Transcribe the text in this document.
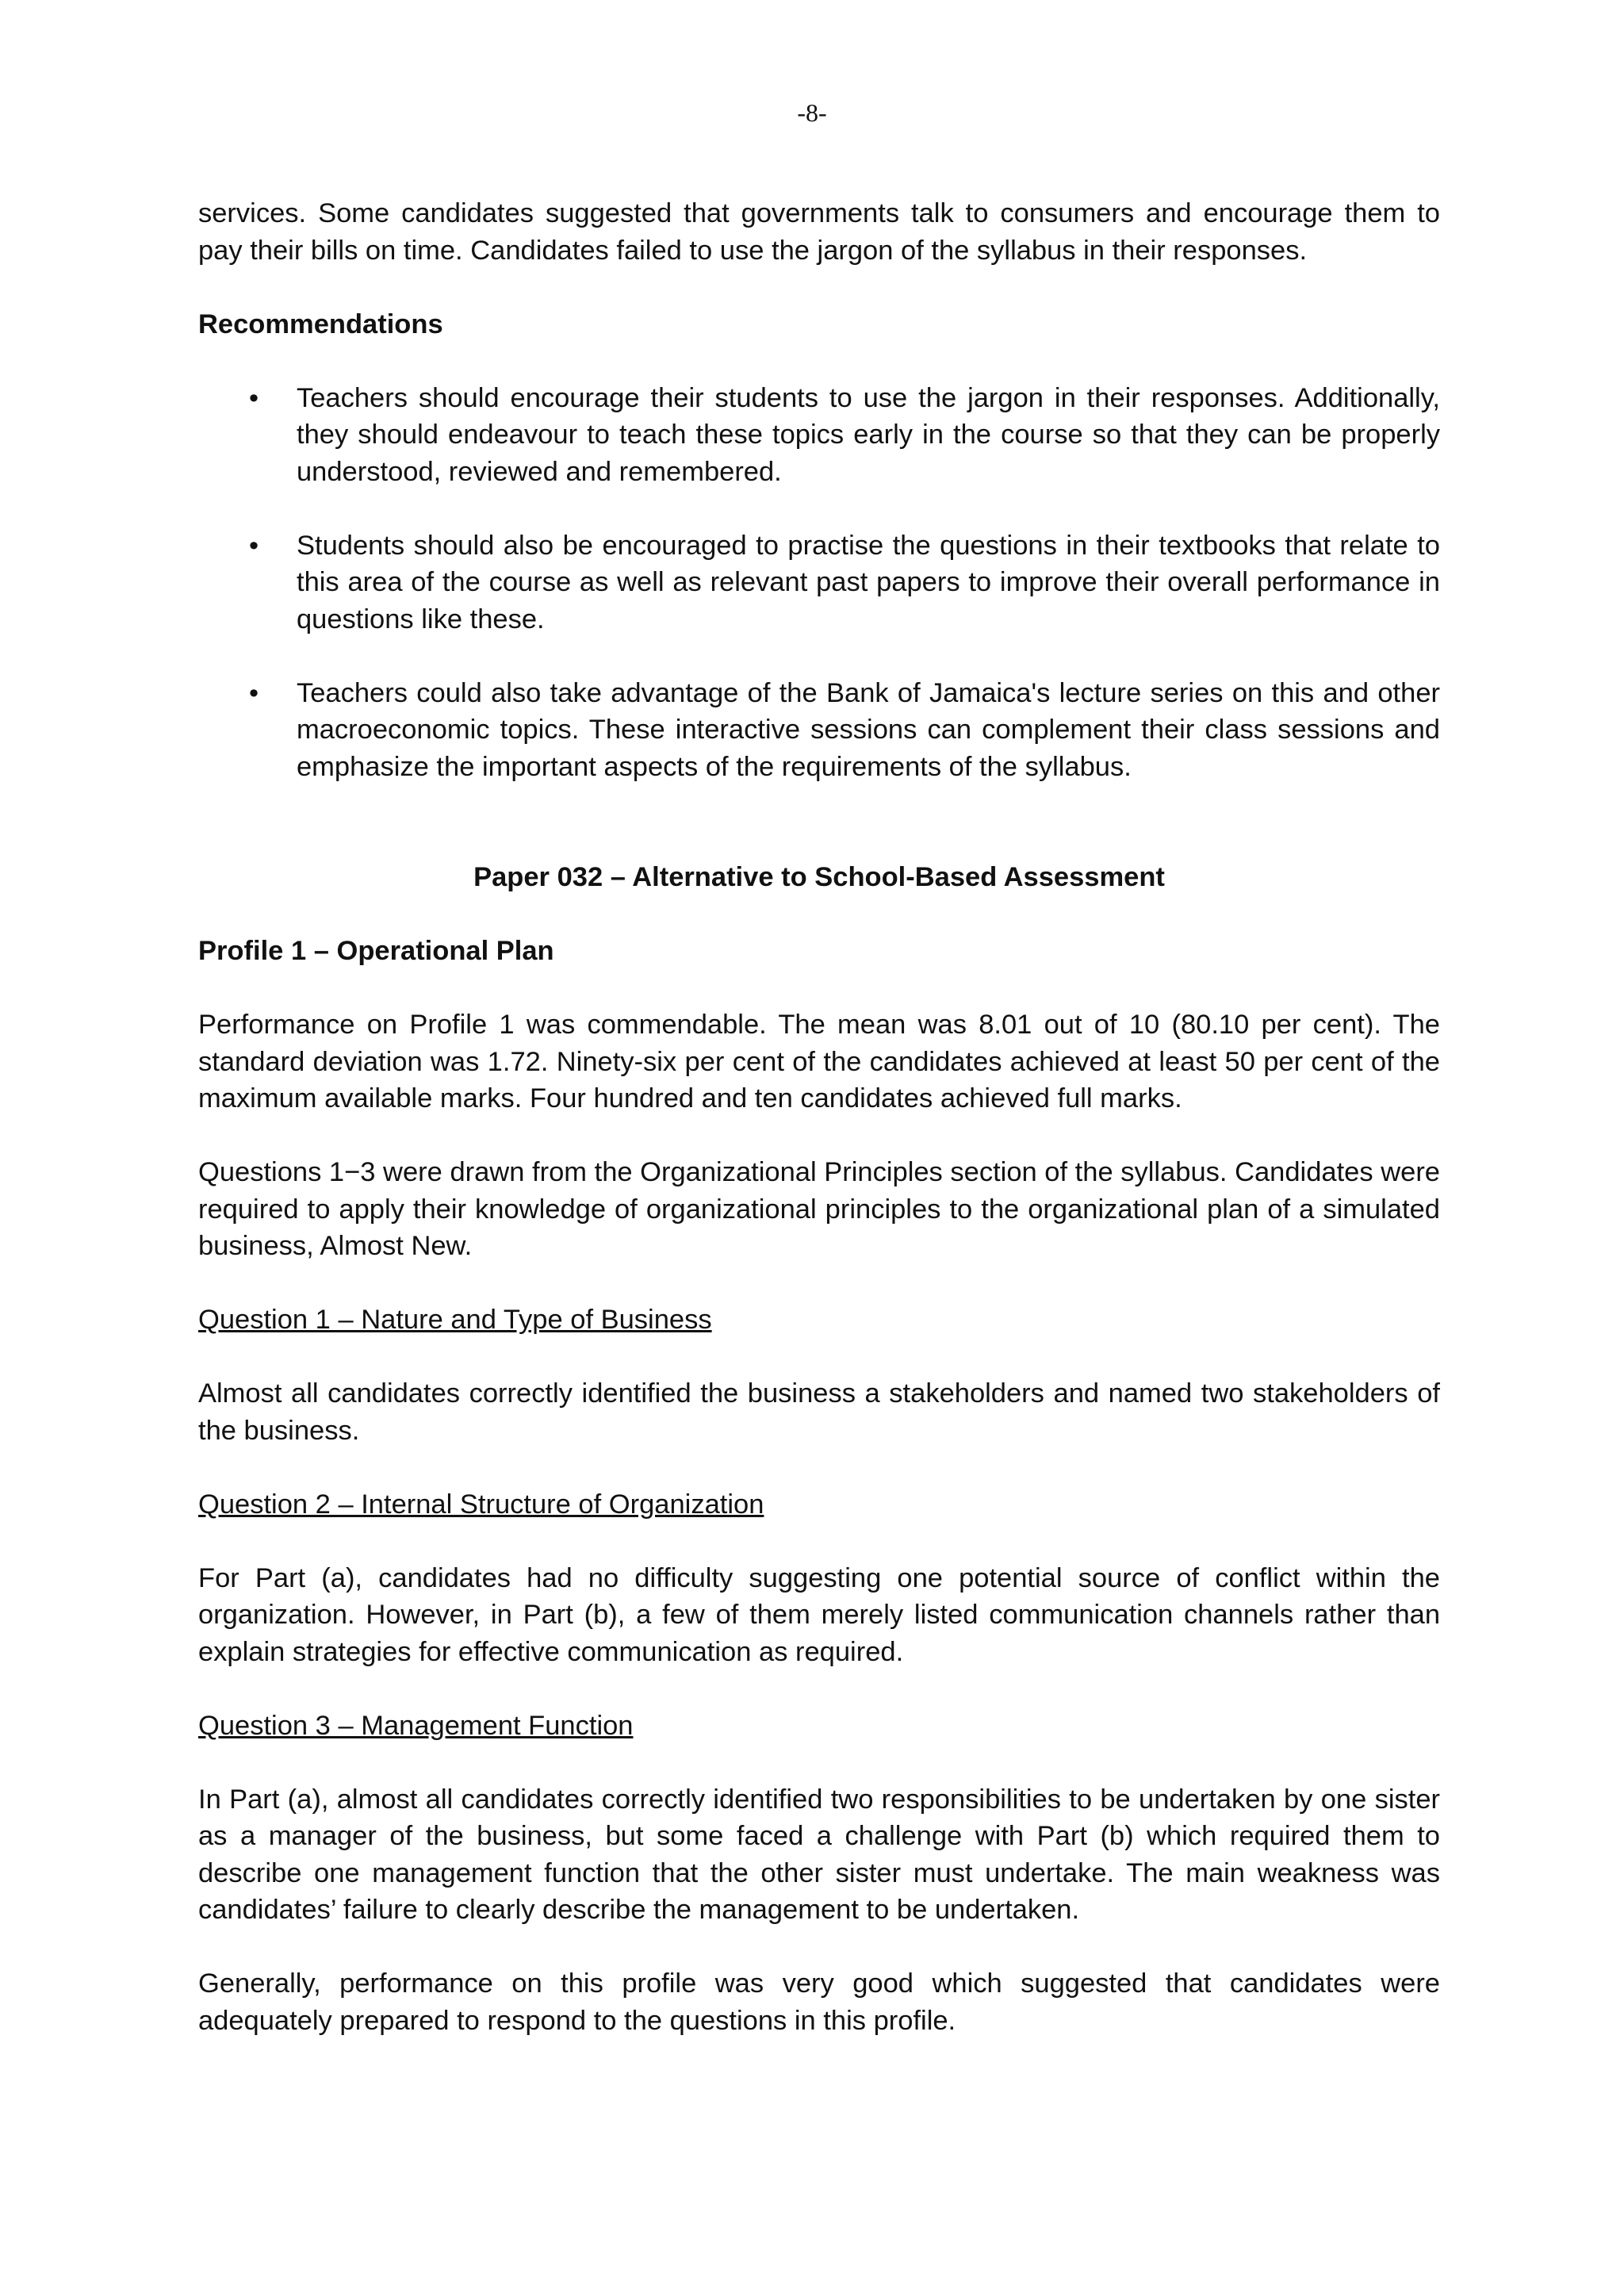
-8-

services. Some candidates suggested that governments talk to consumers and encourage them to pay their bills on time. Candidates failed to use the jargon of the syllabus in their responses.

Recommendations
• Teachers should encourage their students to use the jargon in their responses. Additionally, they should endeavour to teach these topics early in the course so that they can be properly understood, reviewed and remembered.
• Students should also be encouraged to practise the questions in their textbooks that relate to this area of the course as well as relevant past papers to improve their overall performance in questions like these.
• Teachers could also take advantage of the Bank of Jamaica's lecture series on this and other macroeconomic topics. These interactive sessions can complement their class sessions and emphasize the important aspects of the requirements of the syllabus.
Paper 032 – Alternative to School-Based Assessment
Profile 1 – Operational Plan

Performance on Profile 1 was commendable. The mean was 8.01 out of 10 (80.10 per cent). The standard deviation was 1.72. Ninety-six per cent of the candidates achieved at least 50 per cent of the maximum available marks. Four hundred and ten candidates achieved full marks.

Questions 1−3 were drawn from the Organizational Principles section of the syllabus. Candidates were required to apply their knowledge of organizational principles to the organizational plan of a simulated business, Almost New.

Question 1 – Nature and Type of Business

Almost all candidates correctly identified the business a stakeholders and named two stakeholders of the business.

Question 2 – Internal Structure of Organization

For Part (a), candidates had no difficulty suggesting one potential source of conflict within the organization. However, in Part (b), a few of them merely listed communication channels rather than explain strategies for effective communication as required.

Question 3 – Management Function

In Part (a), almost all candidates correctly identified two responsibilities to be undertaken by one sister as a manager of the business, but some faced a challenge with Part (b) which required them to describe one management function that the other sister must undertake. The main weakness was candidates’ failure to clearly describe the management to be undertaken.

Generally, performance on this profile was very good which suggested that candidates were adequately prepared to respond to the questions in this profile.
